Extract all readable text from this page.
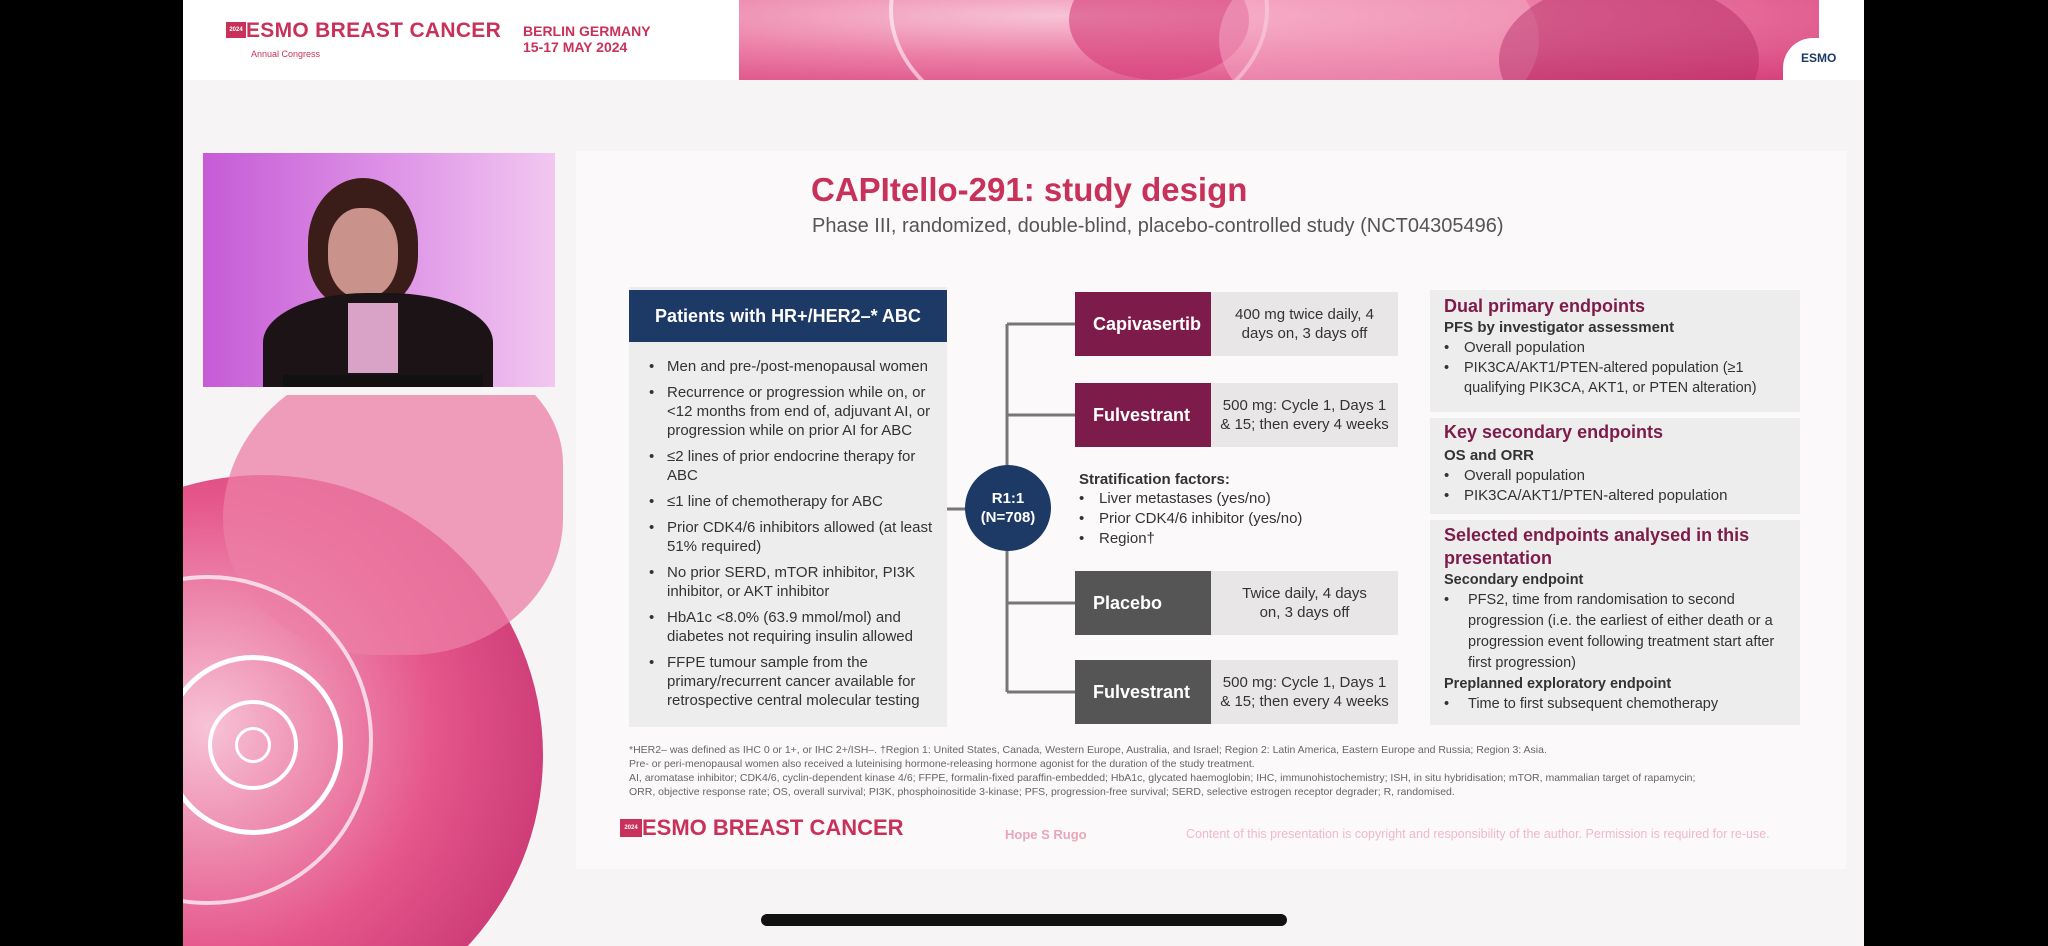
2024 ESMO BREAST CANCER
Annual Congress
BERLIN GERMANY
15-17 MAY 2024
ESMO
CAPItello-291: study design
Phase III, randomized, double-blind, placebo-controlled study (NCT04305496)
Patients with HR+/HER2–* ABC
• Men and pre-/post-menopausal women
• Recurrence or progression while on, or <12 months from end of, adjuvant AI, or progression while on prior AI for ABC
• ≤2 lines of prior endocrine therapy for ABC
• ≤1 line of chemotherapy for ABC
• Prior CDK4/6 inhibitors allowed (at least 51% required)
• No prior SERD, mTOR inhibitor, PI3K inhibitor, or AKT inhibitor
• HbA1c <8.0% (63.9 mmol/mol) and diabetes not requiring insulin allowed
• FFPE tumour sample from the primary/recurrent cancer available for retrospective central molecular testing
R1:1
(N=708)
Capivasertib	400 mg twice daily, 4 days on, 3 days off
Fulvestrant	500 mg: Cycle 1, Days 1 & 15; then every 4 weeks
Stratification factors:
• Liver metastases (yes/no)
• Prior CDK4/6 inhibitor (yes/no)
• Region†
Placebo	Twice daily, 4 days on, 3 days off
Fulvestrant	500 mg: Cycle 1, Days 1 & 15; then every 4 weeks
Dual primary endpoints
PFS by investigator assessment
• Overall population
• PIK3CA/AKT1/PTEN-altered population (≥1 qualifying PIK3CA, AKT1, or PTEN alteration)
Key secondary endpoints
OS and ORR
• Overall population
• PIK3CA/AKT1/PTEN-altered population
Selected endpoints analysed in this presentation
Secondary endpoint
• PFS2, time from randomisation to second progression (i.e. the earliest of either death or a progression event following treatment start after first progression)
Preplanned exploratory endpoint
• Time to first subsequent chemotherapy
*HER2– was defined as IHC 0 or 1+, or IHC 2+/ISH–. †Region 1: United States, Canada, Western Europe, Australia, and Israel; Region 2: Latin America, Eastern Europe and Russia; Region 3: Asia.
Pre- or peri-menopausal women also received a luteinising hormone-releasing hormone agonist for the duration of the study treatment.
AI, aromatase inhibitor; CDK4/6, cyclin-dependent kinase 4/6; FFPE, formalin-fixed paraffin-embedded; HbA1c, glycated haemoglobin; IHC, immunohistochemistry; ISH, in situ hybridisation; mTOR, mammalian target of rapamycin;
ORR, objective response rate; OS, overall survival; PI3K, phosphoinositide 3-kinase; PFS, progression-free survival; SERD, selective estrogen receptor degrader; R, randomised.
2024 ESMO BREAST CANCER	Hope S Rugo	Content of this presentation is copyright and responsibility of the author. Permission is required for re-use.
